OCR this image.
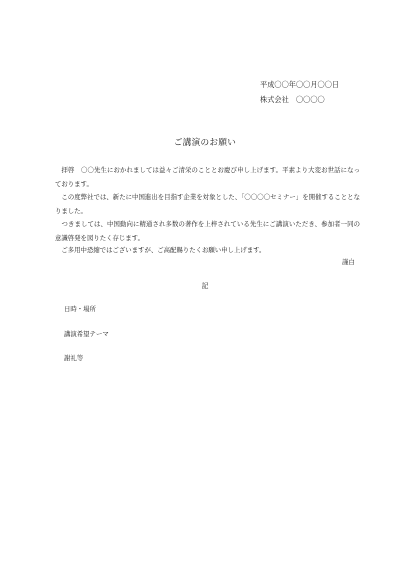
平成〇〇年〇〇月〇〇日
株式会社　〇〇〇〇
ご講演のお願い
　拝啓　〇〇先生におかれましては益々ご清栄のこととお慶び申し上げます。平素より大変お世話になっております。
　この度弊社では、新たに中国進出を目指す企業を対象とした、「〇〇〇〇セミナー」を開催することとなりました。
　つきましては、中国動向に精通され多数の著作を上梓されている先生にご講演いただき、参加者一同の意識啓発を図りたく存じます。
　ご多用中恐縮ではございますが、ご高配賜りたくお願い申し上げます。
謹白
記
日時・場所
講演希望テーマ
謝礼等
